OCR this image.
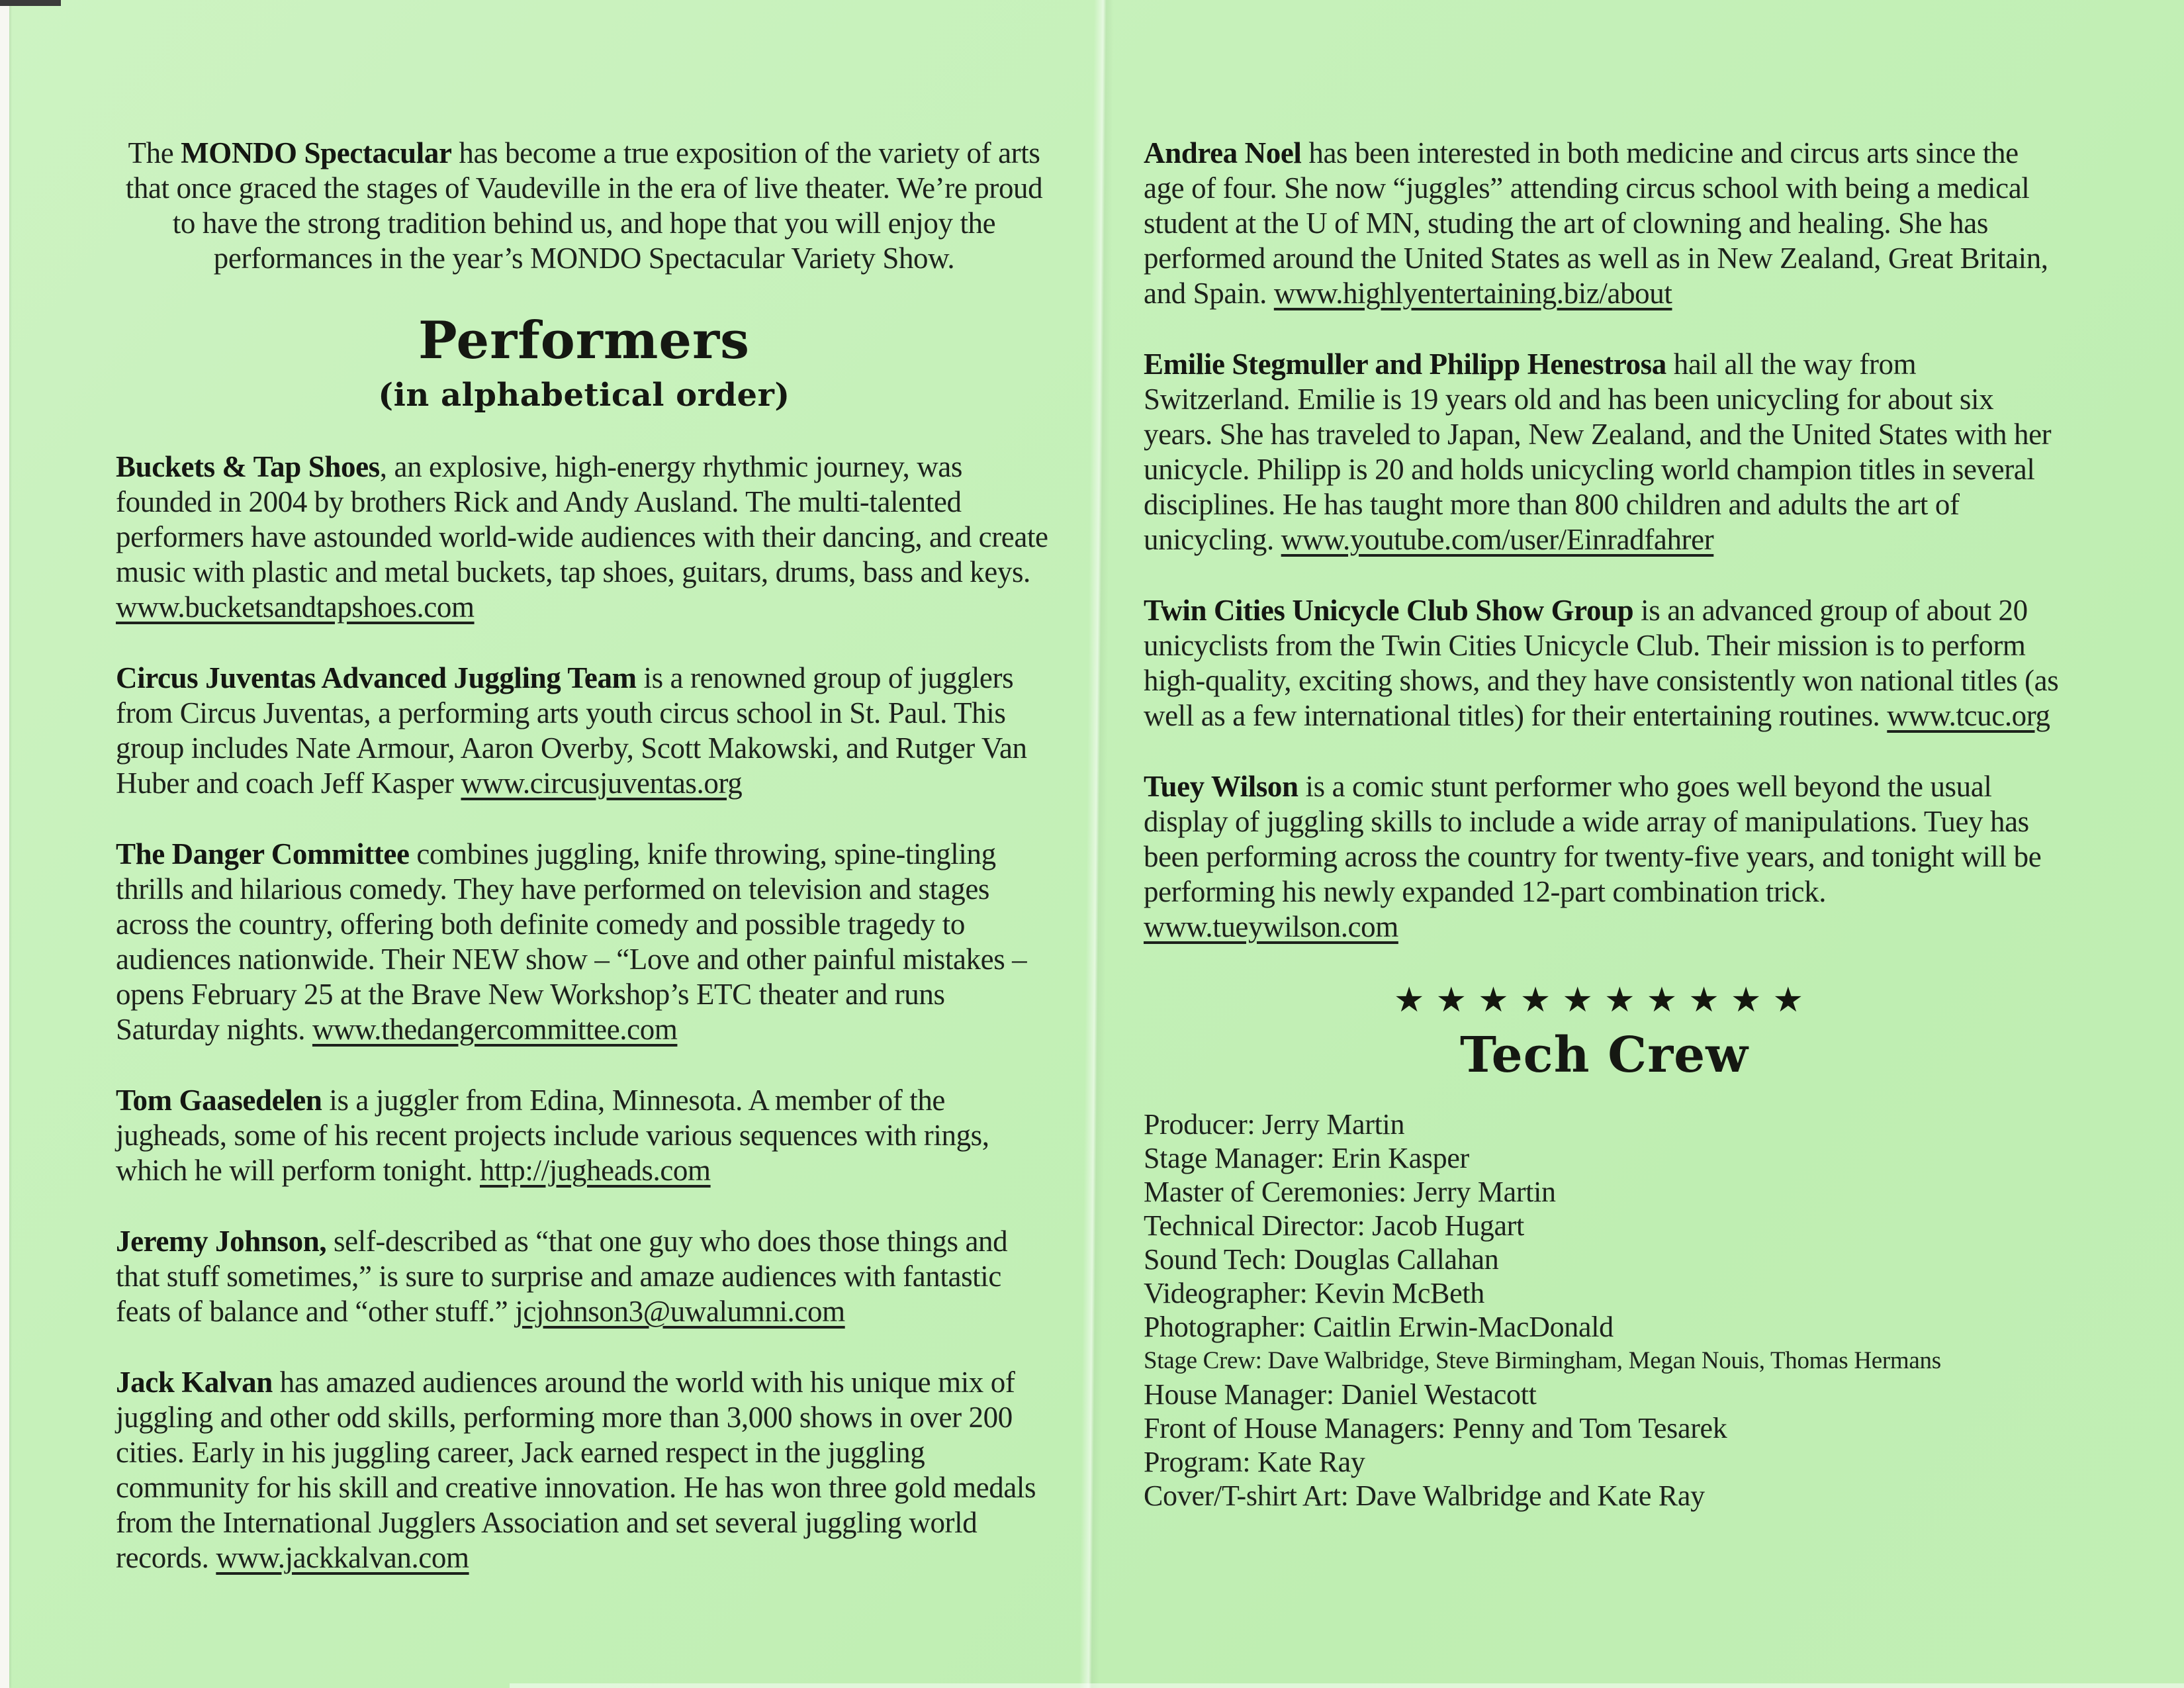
The MONDO Spectacular has become a true exposition of the variety of arts that once graced the stages of Vaudeville in the era of live theater. We’re proud to have the strong tradition behind us, and hope that you will enjoy the performances in the year’s MONDO Spectacular Variety Show.

Performers
(in alphabetical order)

Buckets & Tap Shoes, an explosive, high-energy rhythmic journey, was founded in 2004 by brothers Rick and Andy Ausland. The multi-talented performers have astounded world-wide audiences with their dancing, and create music with plastic and metal buckets, tap shoes, guitars, drums, bass and keys. www.bucketsandtapshoes.com

Circus Juventas Advanced Juggling Team is a renowned group of jugglers from Circus Juventas, a performing arts youth circus school in St. Paul. This group includes Nate Armour, Aaron Overby, Scott Makowski, and Rutger Van Huber and coach Jeff Kasper www.circusjuventas.org

The Danger Committee combines juggling, knife throwing, spine-tingling thrills and hilarious comedy. They have performed on television and stages across the country, offering both definite comedy and possible tragedy to audiences nationwide. Their NEW show – “Love and other painful mistakes – opens February 25 at the Brave New Workshop’s ETC theater and runs Saturday nights. www.thedangercommittee.com

Tom Gaasedelen is a juggler from Edina, Minnesota. A member of the jugheads, some of his recent projects include various sequences with rings, which he will perform tonight. http://jugheads.com

Jeremy Johnson, self-described as “that one guy who does those things and that stuff sometimes,” is sure to surprise and amaze audiences with fantastic feats of balance and “other stuff.” jcjohnson3@uwalumni.com

Jack Kalvan has amazed audiences around the world with his unique mix of juggling and other odd skills, performing more than 3,000 shows in over 200 cities. Early in his juggling career, Jack earned respect in the juggling community for his skill and creative innovation. He has won three gold medals from the International Jugglers Association and set several juggling world records. www.jackkalvan.com

Andrea Noel has been interested in both medicine and circus arts since the age of four. She now “juggles” attending circus school with being a medical student at the U of MN, studing the art of clowning and healing. She has performed around the United States as well as in New Zealand, Great Britain, and Spain. www.highlyentertaining.biz/about

Emilie Stegmuller and Philipp Henestrosa hail all the way from Switzerland. Emilie is 19 years old and has been unicycling for about six years. She has traveled to Japan, New Zealand, and the United States with her unicycle. Philipp is 20 and holds unicycling world champion titles in several disciplines. He has taught more than 800 children and adults the art of unicycling. www.youtube.com/user/Einradfahrer

Twin Cities Unicycle Club Show Group is an advanced group of about 20 unicyclists from the Twin Cities Unicycle Club. Their mission is to perform high-quality, exciting shows, and they have consistently won national titles (as well as a few international titles) for their entertaining routines. www.tcuc.org

Tuey Wilson is a comic stunt performer who goes well beyond the usual display of juggling skills to include a wide array of manipulations. Tuey has been performing across the country for twenty-five years, and tonight will be performing his newly expanded 12-part combination trick. www.tueywilson.com

★★★★★★★★★★
Tech Crew

Producer: Jerry Martin

Stage Manager: Erin Kasper

Master of Ceremonies: Jerry Martin

Technical Director: Jacob Hugart

Sound Tech: Douglas Callahan

Videographer: Kevin McBeth

Photographer: Caitlin Erwin-MacDonald

Stage Crew: Dave Walbridge, Steve Birmingham, Megan Nouis, Thomas Hermans

House Manager: Daniel Westacott

Front of House Managers: Penny and Tom Tesarek

Program: Kate Ray

Cover/T-shirt Art: Dave Walbridge and Kate Ray
